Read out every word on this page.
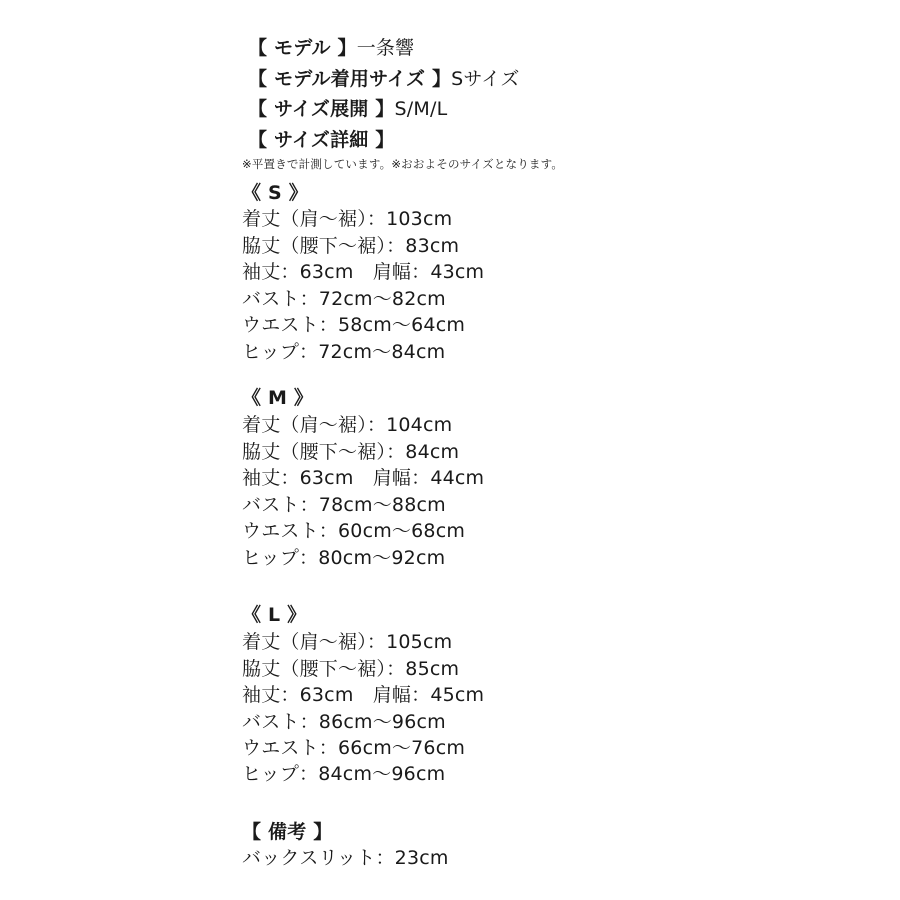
【 モデル 】一条響
【 モデル着用サイズ 】Sサイズ
【 サイズ展開 】S/M/L
【 サイズ詳細 】
※平置きで計測しています。※おおよそのサイズとなります。
《 S 》
着丈（肩〜裾）：103cm
脇丈（腰下〜裾）：83cm
袖丈：63cm　肩幅：43cm
バスト：72cm〜82cm
ウエスト：58cm〜64cm
ヒップ：72cm〜84cm
《 M 》
着丈（肩〜裾）：104cm
脇丈（腰下〜裾）：84cm
袖丈：63cm　肩幅：44cm
バスト：78cm〜88cm
ウエスト：60cm〜68cm
ヒップ：80cm〜92cm
《 L 》
着丈（肩〜裾）：105cm
脇丈（腰下〜裾）：85cm
袖丈：63cm　肩幅：45cm
バスト：86cm〜96cm
ウエスト：66cm〜76cm
ヒップ：84cm〜96cm
【 備考 】
バックスリット：23cm
